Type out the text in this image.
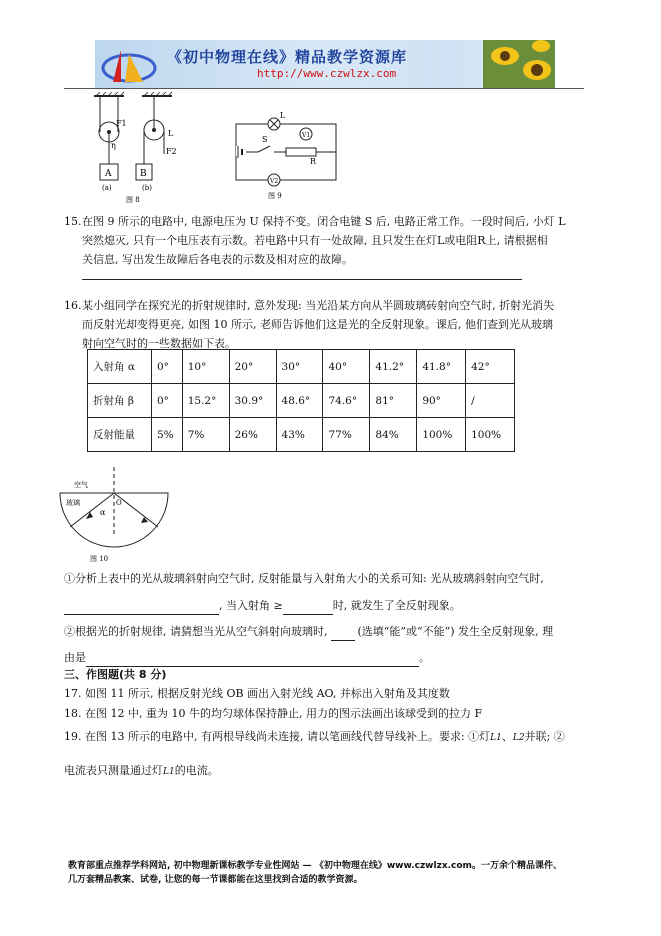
《初中物理在线》精品教学资源库
http://www.czwlzx.com
F1
η
L
F2
A	B
(a)	(b)
图 8
L
V1
S
R
V2
图 9
15.在图 9 所示的电路中, 电源电压为 U 保持不变。闭合电键 S 后, 电路正常工作。一段时间后, 小灯 L
突然熄灭, 只有一个电压表有示数。若电路中只有一处故障, 且只发生在灯L或电阻R上, 请根据相
关信息, 写出发生故障后各电表的示数及相对应的故障。
16.某小组同学在探究光的折射规律时, 意外发现: 当光沿某方向从半圆玻璃砖射向空气时, 折射光消失
而反射光却变得更亮, 如图 10 所示, 老师告诉他们这是光的全反射现象。课后, 他们查到光从玻璃
射向空气时的一些数据如下表。
入射角 α	0°	10°	20°	30°	40°	41.2°	41.8°	42°
折射角 β	0°	15.2°	30.9°	48.6°	74.6°	81°	90°	/
反射能量	5%	7%	26%	43%	77%	84%	100%	100%
空气
玻璃
α
O
图 10
①分析上表中的光从玻璃斜射向空气时, 反射能量与入射角大小的关系可知: 光从玻璃斜射向空气时,
, 当入射角 ≥	时, 就发生了全反射现象。
②根据光的折射规律, 请猜想当光从空气斜射向玻璃时,	(选填“能”或“不能”) 发生全反射现象, 理
由是	。
三、作图题(共 8 分)
17. 如图 11 所示, 根据反射光线 OB 画出入射光线 AO, 并标出入射角及其度数
18. 在图 12 中, 重为 10 牛的均匀球体保持静止, 用力的图示法画出该球受到的拉力 F
19. 在图 13 所示的电路中, 有两根导线尚未连接, 请以笔画线代替导线补上。要求: ①灯L1、L2并联; ②
电流表只测量通过灯L1的电流。
教育部重点推荐学科网站, 初中物理新课标教学专业性网站 — 《初中物理在线》www.czwlzx.com。一万余个精品课件、
几万套精品教案、试卷, 让您的每一节课都能在这里找到合适的教学资源。
